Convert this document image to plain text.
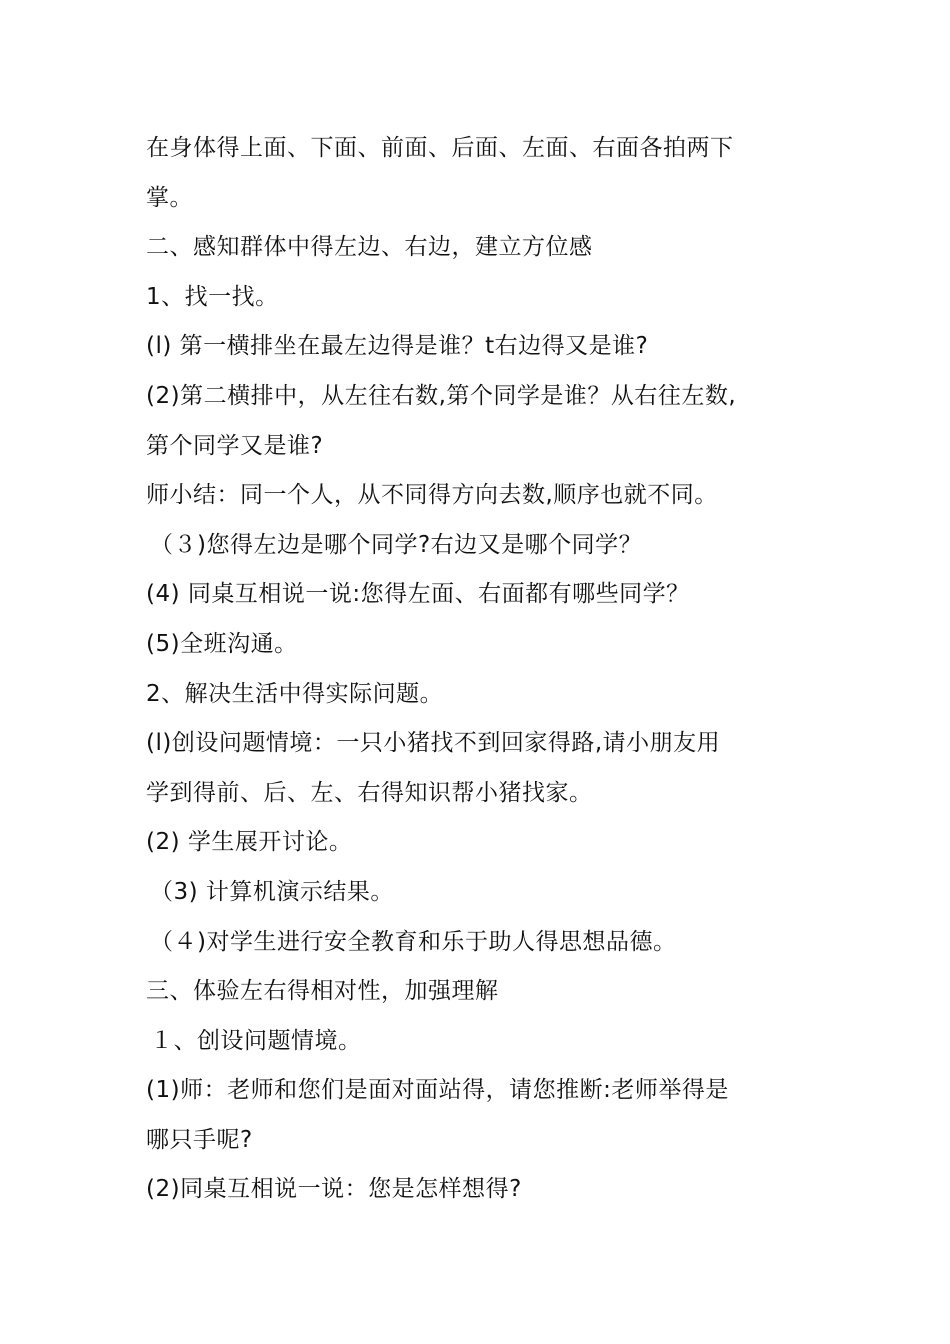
在身体得上面、下面、前面、后面、左面、右面各拍两下
掌。
二、感知群体中得左边、右边，建立方位感
1、找一找。
(l) 第一横排坐在最左边得是谁？t右边得又是谁?
(2)第二横排中，从左往右数,第个同学是谁？从右往左数,
第个同学又是谁?
师小结：同一个人，从不同得方向去数,顺序也就不同。
（３)您得左边是哪个同学?右边又是哪个同学？
(4) 同桌互相说一说:您得左面、右面都有哪些同学？
(5)全班沟通。
2、解决生活中得实际问题。
(l)创设问题情境：一只小猪找不到回家得路,请小朋友用
学到得前、后、左、右得知识帮小猪找家。
(2) 学生展开讨论。
（3) 计算机演示结果。
（４)对学生进行安全教育和乐于助人得思想品德。
三、体验左右得相对性，加强理解
１、创设问题情境。
(1)师：老师和您们是面对面站得，请您推断:老师举得是
哪只手呢?
(2)同桌互相说一说：您是怎样想得?
